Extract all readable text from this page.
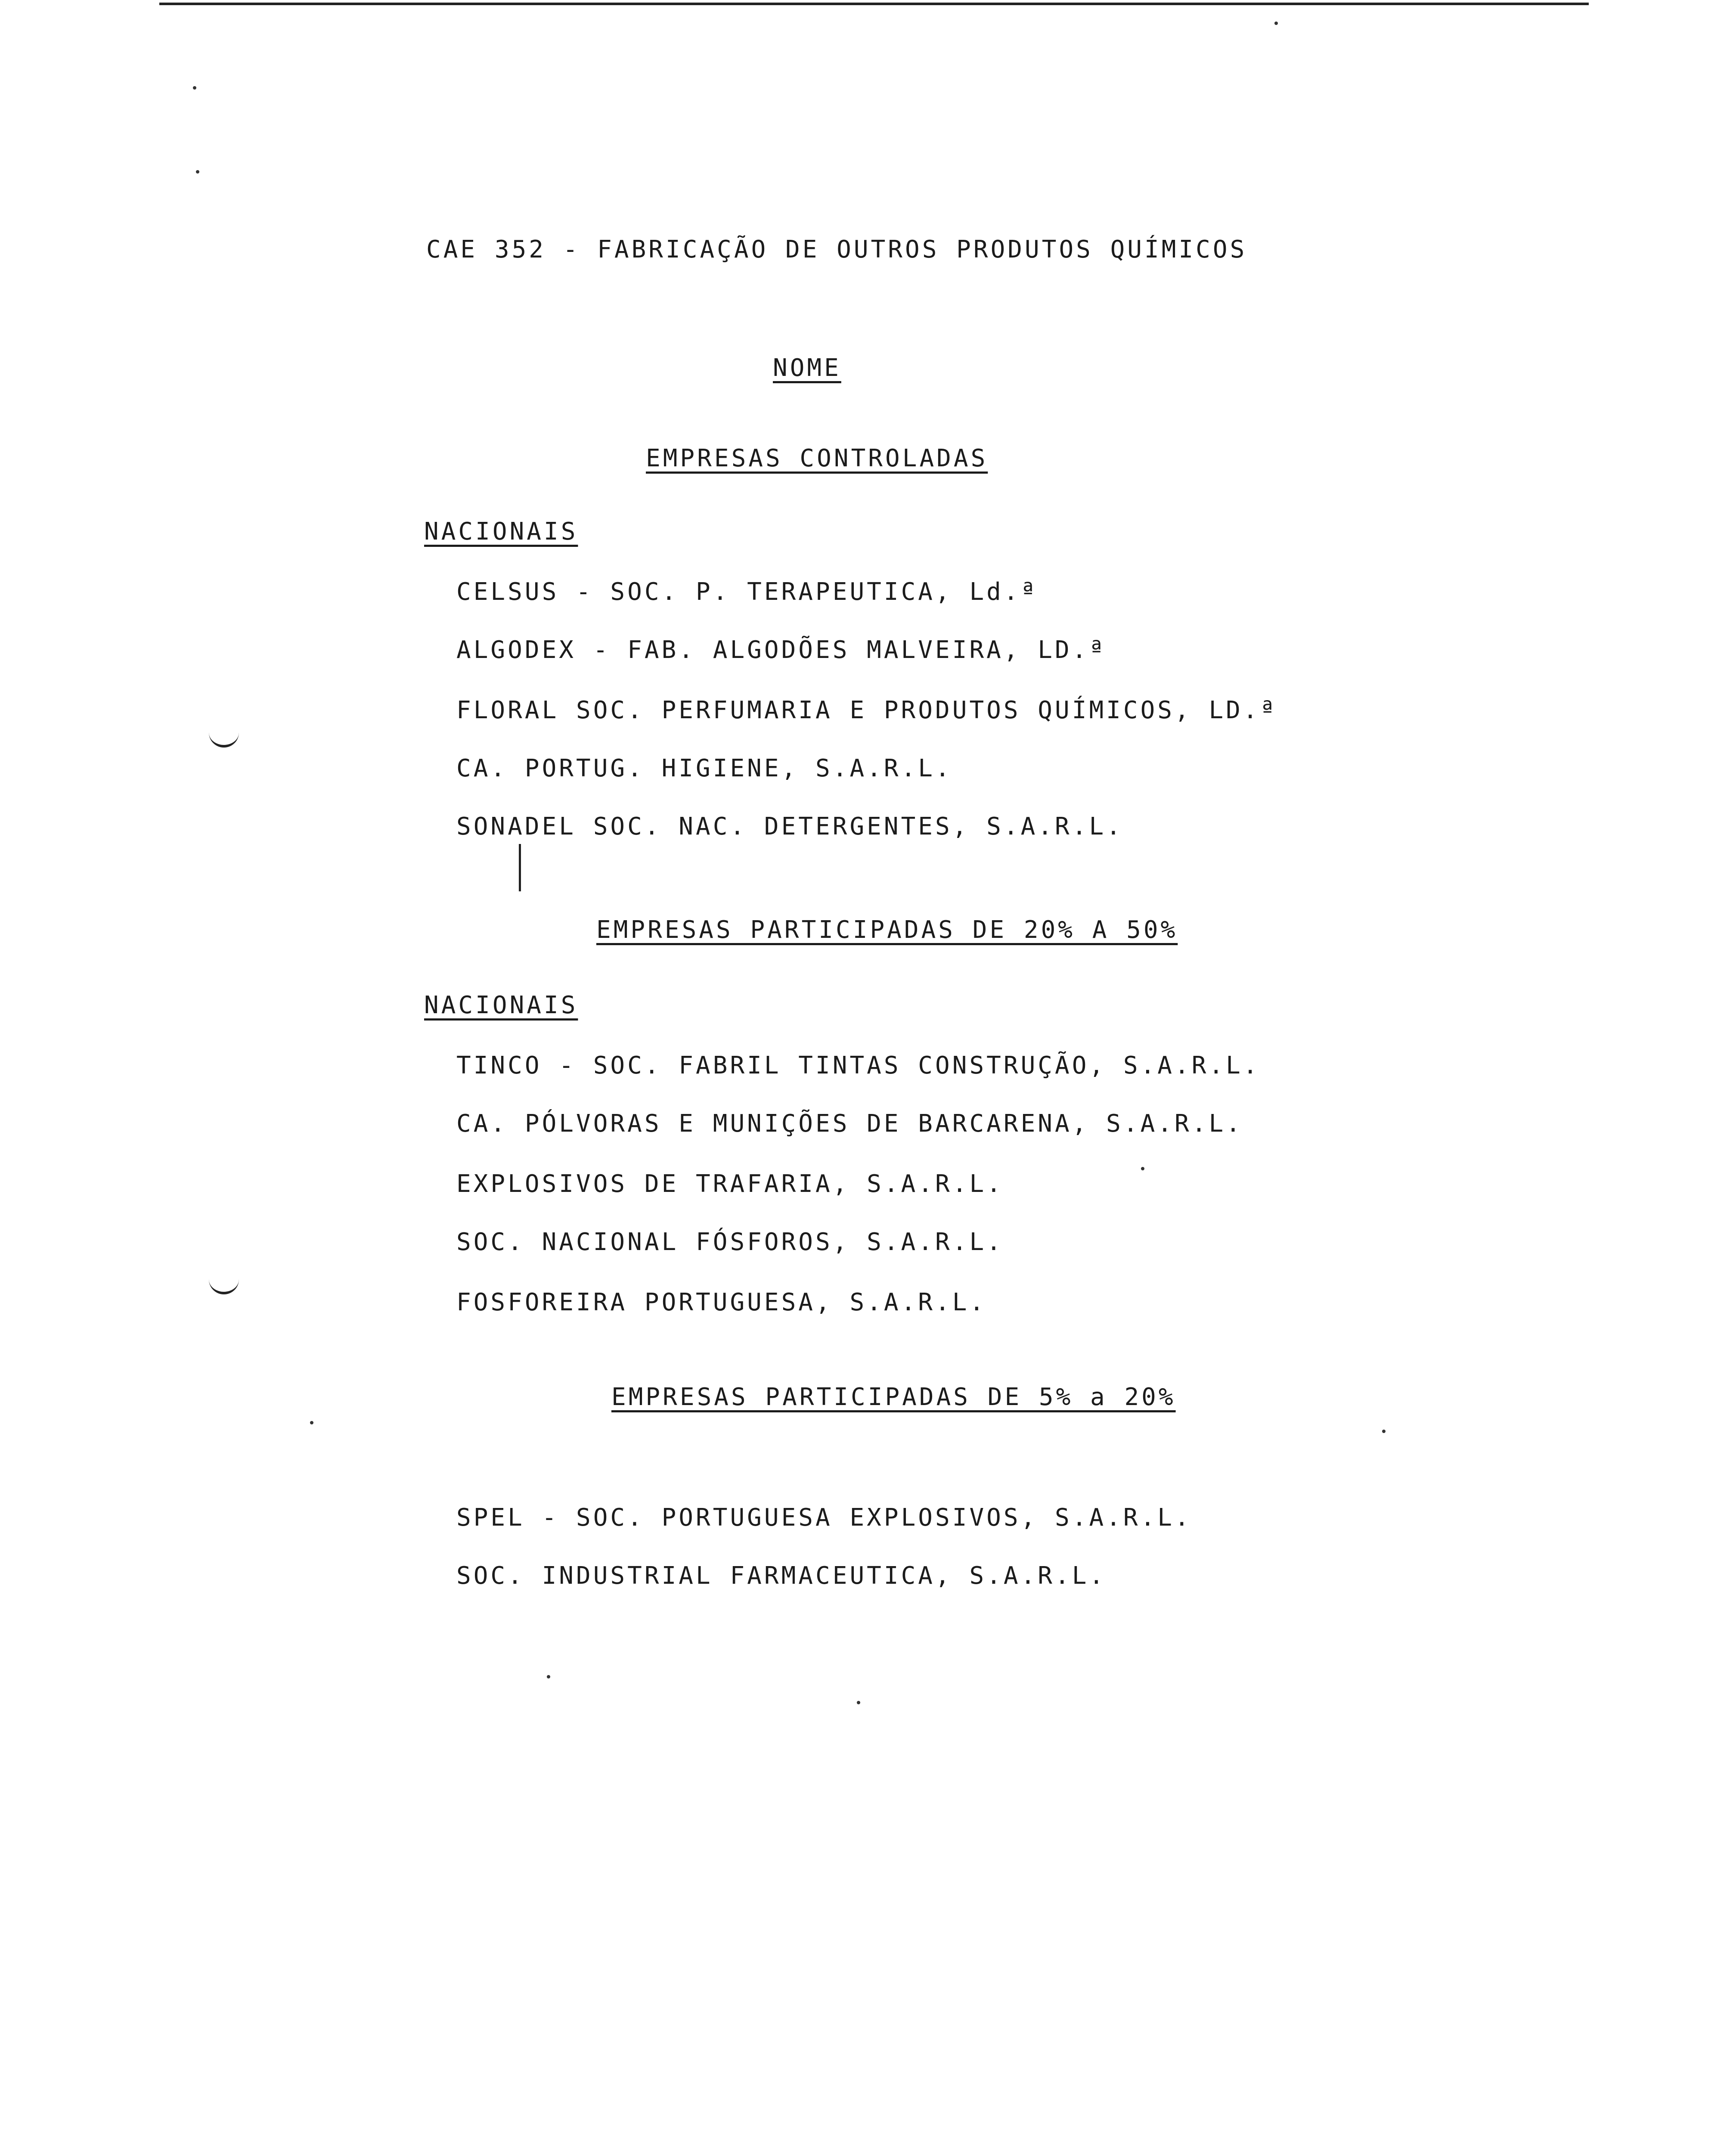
CAE 352 - FABRICAÇÃO DE OUTROS PRODUTOS QUÍMICOS
NOME
EMPRESAS CONTROLADAS
NACIONAIS
CELSUS - SOC. P. TERAPEUTICA, Ld.ª
ALGODEX - FAB. ALGODÕES MALVEIRA, LD.ª
FLORAL SOC. PERFUMARIA E PRODUTOS QUÍMICOS, LD.ª
CA. PORTUG. HIGIENE, S.A.R.L.
SONADEL SOC. NAC. DETERGENTES, S.A.R.L.
EMPRESAS PARTICIPADAS DE 20% A 50%
NACIONAIS
TINCO - SOC. FABRIL TINTAS CONSTRUÇÃO, S.A.R.L.
CA. PÓLVORAS E MUNIÇÕES DE BARCARENA, S.A.R.L.
EXPLOSIVOS DE TRAFARIA, S.A.R.L.
SOC. NACIONAL FÓSFOROS, S.A.R.L.
FOSFOREIRA PORTUGUESA, S.A.R.L.
EMPRESAS PARTICIPADAS DE 5% a 20%
SPEL - SOC. PORTUGUESA EXPLOSIVOS, S.A.R.L.
SOC. INDUSTRIAL FARMACEUTICA, S.A.R.L.
